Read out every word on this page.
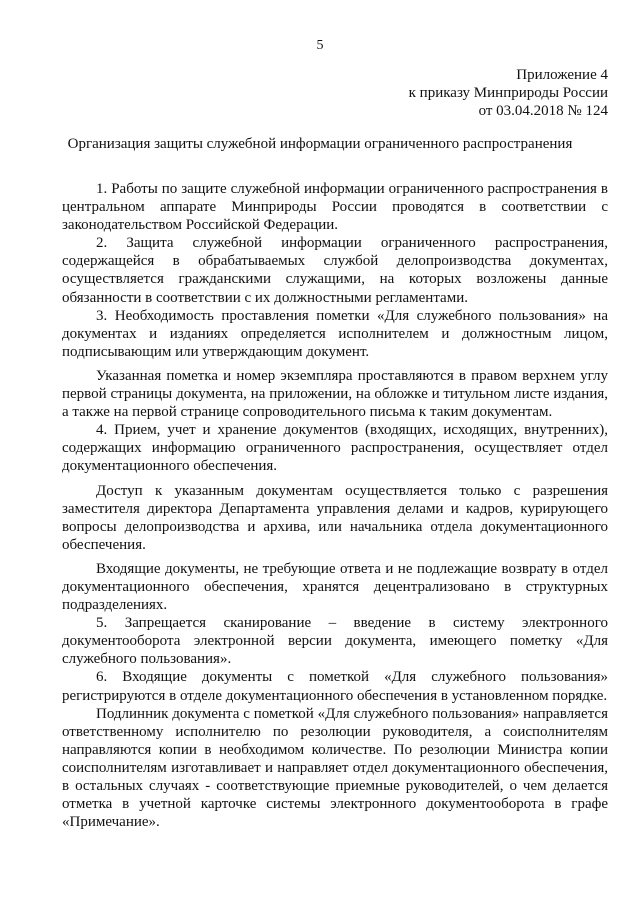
5
Приложение 4
к приказу Минприроды России
от 03.04.2018 № 124
Организация защиты служебной информации ограниченного распространения

1. Работы по защите служебной информации ограниченного распространения в центральном аппарате Минприроды России проводятся в соответствии с законодательством Российской Федерации.

2. Защита служебной информации ограниченного распространения, содержащейся в обрабатываемых службой делопроизводства документах, осуществляется гражданскими служащими, на которых возложены данные обязанности в соответствии с их должностными регламентами.

3. Необходимость проставления пометки «Для служебного пользования» на документах и изданиях определяется исполнителем и должностным лицом, подписывающим или утверждающим документ.

Указанная пометка и номер экземпляра проставляются в правом верхнем углу первой страницы документа, на приложении, на обложке и титульном листе издания, а также на первой странице сопроводительного письма к таким документам.

4. Прием, учет и хранение документов (входящих, исходящих, внутренних), содержащих информацию ограниченного распространения, осуществляет отдел документационного обеспечения.

Доступ к указанным документам осуществляется только с разрешения заместителя директора Департамента управления делами и кадров, курирующего вопросы делопроизводства и архива, или начальника отдела документационного обеспечения.

Входящие документы, не требующие ответа и не подлежащие возврату в отдел документационного обеспечения, хранятся децентрализовано в структурных подразделениях.

5. Запрещается сканирование – введение в систему электронного документооборота электронной версии документа, имеющего пометку «Для служебного пользования».

6. Входящие документы с пометкой «Для служебного пользования» регистрируются в отделе документационного обеспечения в установленном порядке.

Подлинник документа с пометкой «Для служебного пользования» направляется ответственному исполнителю по резолюции руководителя, а соисполнителям направляются копии в необходимом количестве. По резолюции Министра копии соисполнителям изготавливает и направляет отдел документационного обеспечения, в остальных случаях - соответствующие приемные руководителей, о чем делается отметка в учетной карточке системы электронного документооборота в графе «Примечание».
